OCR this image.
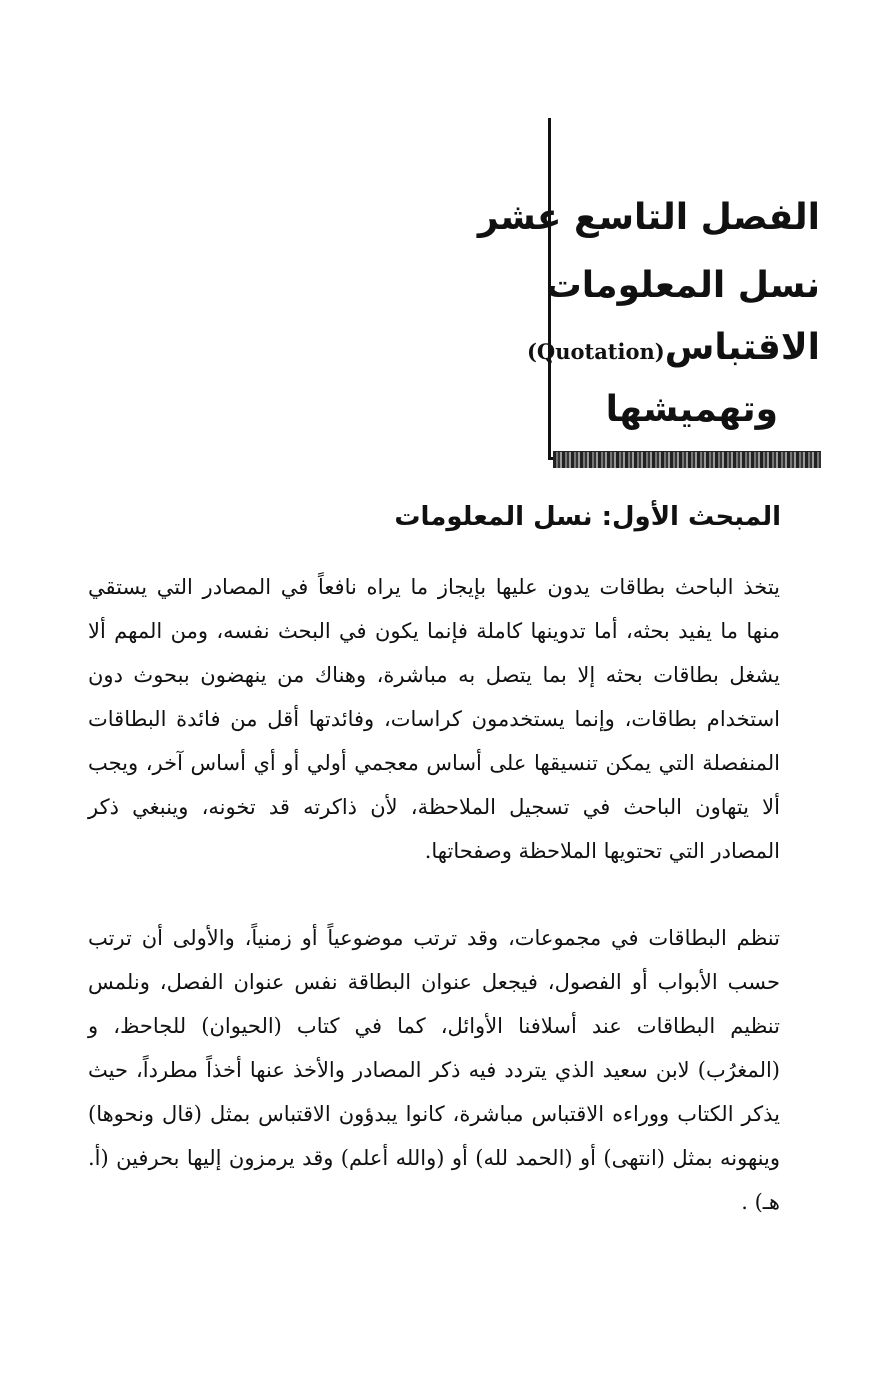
الفصل التاسع عشر
نسل المعلومات
الاقتباس(Quotation)
وتهميشها
المبحث الأول: نسل المعلومات

يتخذ الباحث بطاقات يدون عليها بإيجاز ما يراه نافعاً في المصادر التي يستقي منها ما يفيد بحثه، أما تدوينها كاملة فإنما يكون في البحث نفسه، ومن المهم ألا يشغل بطاقات بحثه إلا بما يتصل به مباشرة، وهناك من ينهضون ببحوث دون استخدام بطاقات، وإنما يستخدمون كراسات، وفائدتها أقل من فائدة البطاقات المنفصلة التي يمكن تنسيقها على أساس معجمي أولي أو أي أساس آخر، ويجب ألا يتهاون الباحث في تسجيل الملاحظة، لأن ذاكرته قد تخونه، وينبغي ذكر المصادر التي تحتويها الملاحظة وصفحاتها.

تنظم البطاقات في مجموعات، وقد ترتب موضوعياً أو زمنياً، والأولى أن ترتب حسب الأبواب أو الفصول، فيجعل عنوان البطاقة نفس عنوان الفصل، ونلمس تنظيم البطاقات عند أسلافنا الأوائل، كما في كتاب (الحيوان) للجاحظ، و (المغرُب) لابن سعيد الذي يتردد فيه ذكر المصادر والأخذ عنها أخذاً مطرداً، حيث يذكر الكتاب ووراءه الاقتباس مباشرة، كانوا يبدؤون الاقتباس بمثل (قال ونحوها) وينهونه بمثل (انتهى) أو (الحمد لله) أو (والله أعلم) وقد يرمزون إليها بحرفين (أ. هـ) .
